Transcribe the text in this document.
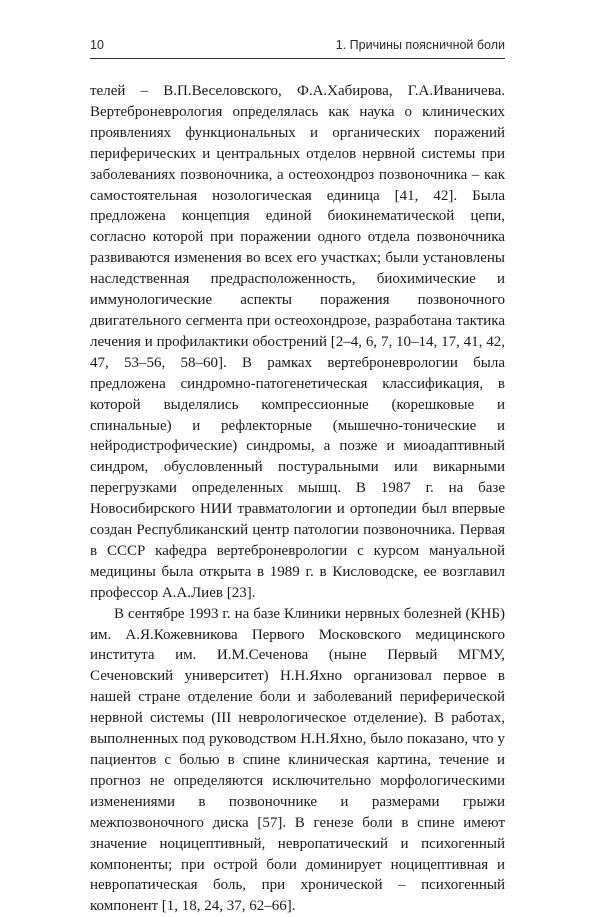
10	1. Причины поясничной боли

телей – В.П.Веселовского, Ф.А.Хабирова, Г.А.Иваничева. Вертеброневрология определялась как наука о клинических проявлениях функциональных и органических поражений периферических и центральных отделов нервной системы при заболеваниях позвоночника, а остеохондроз позвоночника – как самостоятельная нозологическая единица [41, 42]. Была предложена концепция единой биокинематической цепи, согласно которой при поражении одного отдела позвоночника развиваются изменения во всех его участках; были установлены наследственная предрасположенность, биохимические и иммунологические аспекты поражения позвоночного двигательного сегмента при остеохондрозе, разработана тактика лечения и профилактики обострений [2–4, 6, 7, 10–14, 17, 41, 42, 47, 53–56, 58–60]. В рамках вертеброневрологии была предложена синдромно-патогенетическая классификация, в которой выделялись компрессионные (корешковые и спинальные) и рефлекторные (мышечно-тонические и нейродистрофические) синдромы, а позже и миоадаптивный синдром, обусловленный постуральными или викарными перегрузками определенных мышц. В 1987 г. на базе Новосибирского НИИ травматологии и ортопедии был впервые создан Республиканский центр патологии позвоночника. Первая в СССР кафедра вертеброневрологии с курсом мануальной медицины была открыта в 1989 г. в Кисловодске, ее возглавил профессор А.А.Лиев [23].

В сентябре 1993 г. на базе Клиники нервных болезней (КНБ) им. А.Я.Кожевникова Первого Московского медицинского института им. И.М.Сеченова (ныне Первый МГМУ, Сеченовский университет) Н.Н.Яхно организовал первое в нашей стране отделение боли и заболеваний периферической нервной системы (III неврологическое отделение). В работах, выполненных под руководством Н.Н.Яхно, было показано, что у пациентов с болью в спине клиническая картина, течение и прогноз не определяются исключительно морфологическими изменениями в позвоночнике и размерами грыжи межпозвоночного диска [57]. В генезе боли в спине имеют значение ноцицептивный, невропатический и психогенный компоненты; при острой боли доминирует ноцицептивная и невропатическая боль, при хронической – психогенный компонент [1, 18, 24, 37, 62–66].
